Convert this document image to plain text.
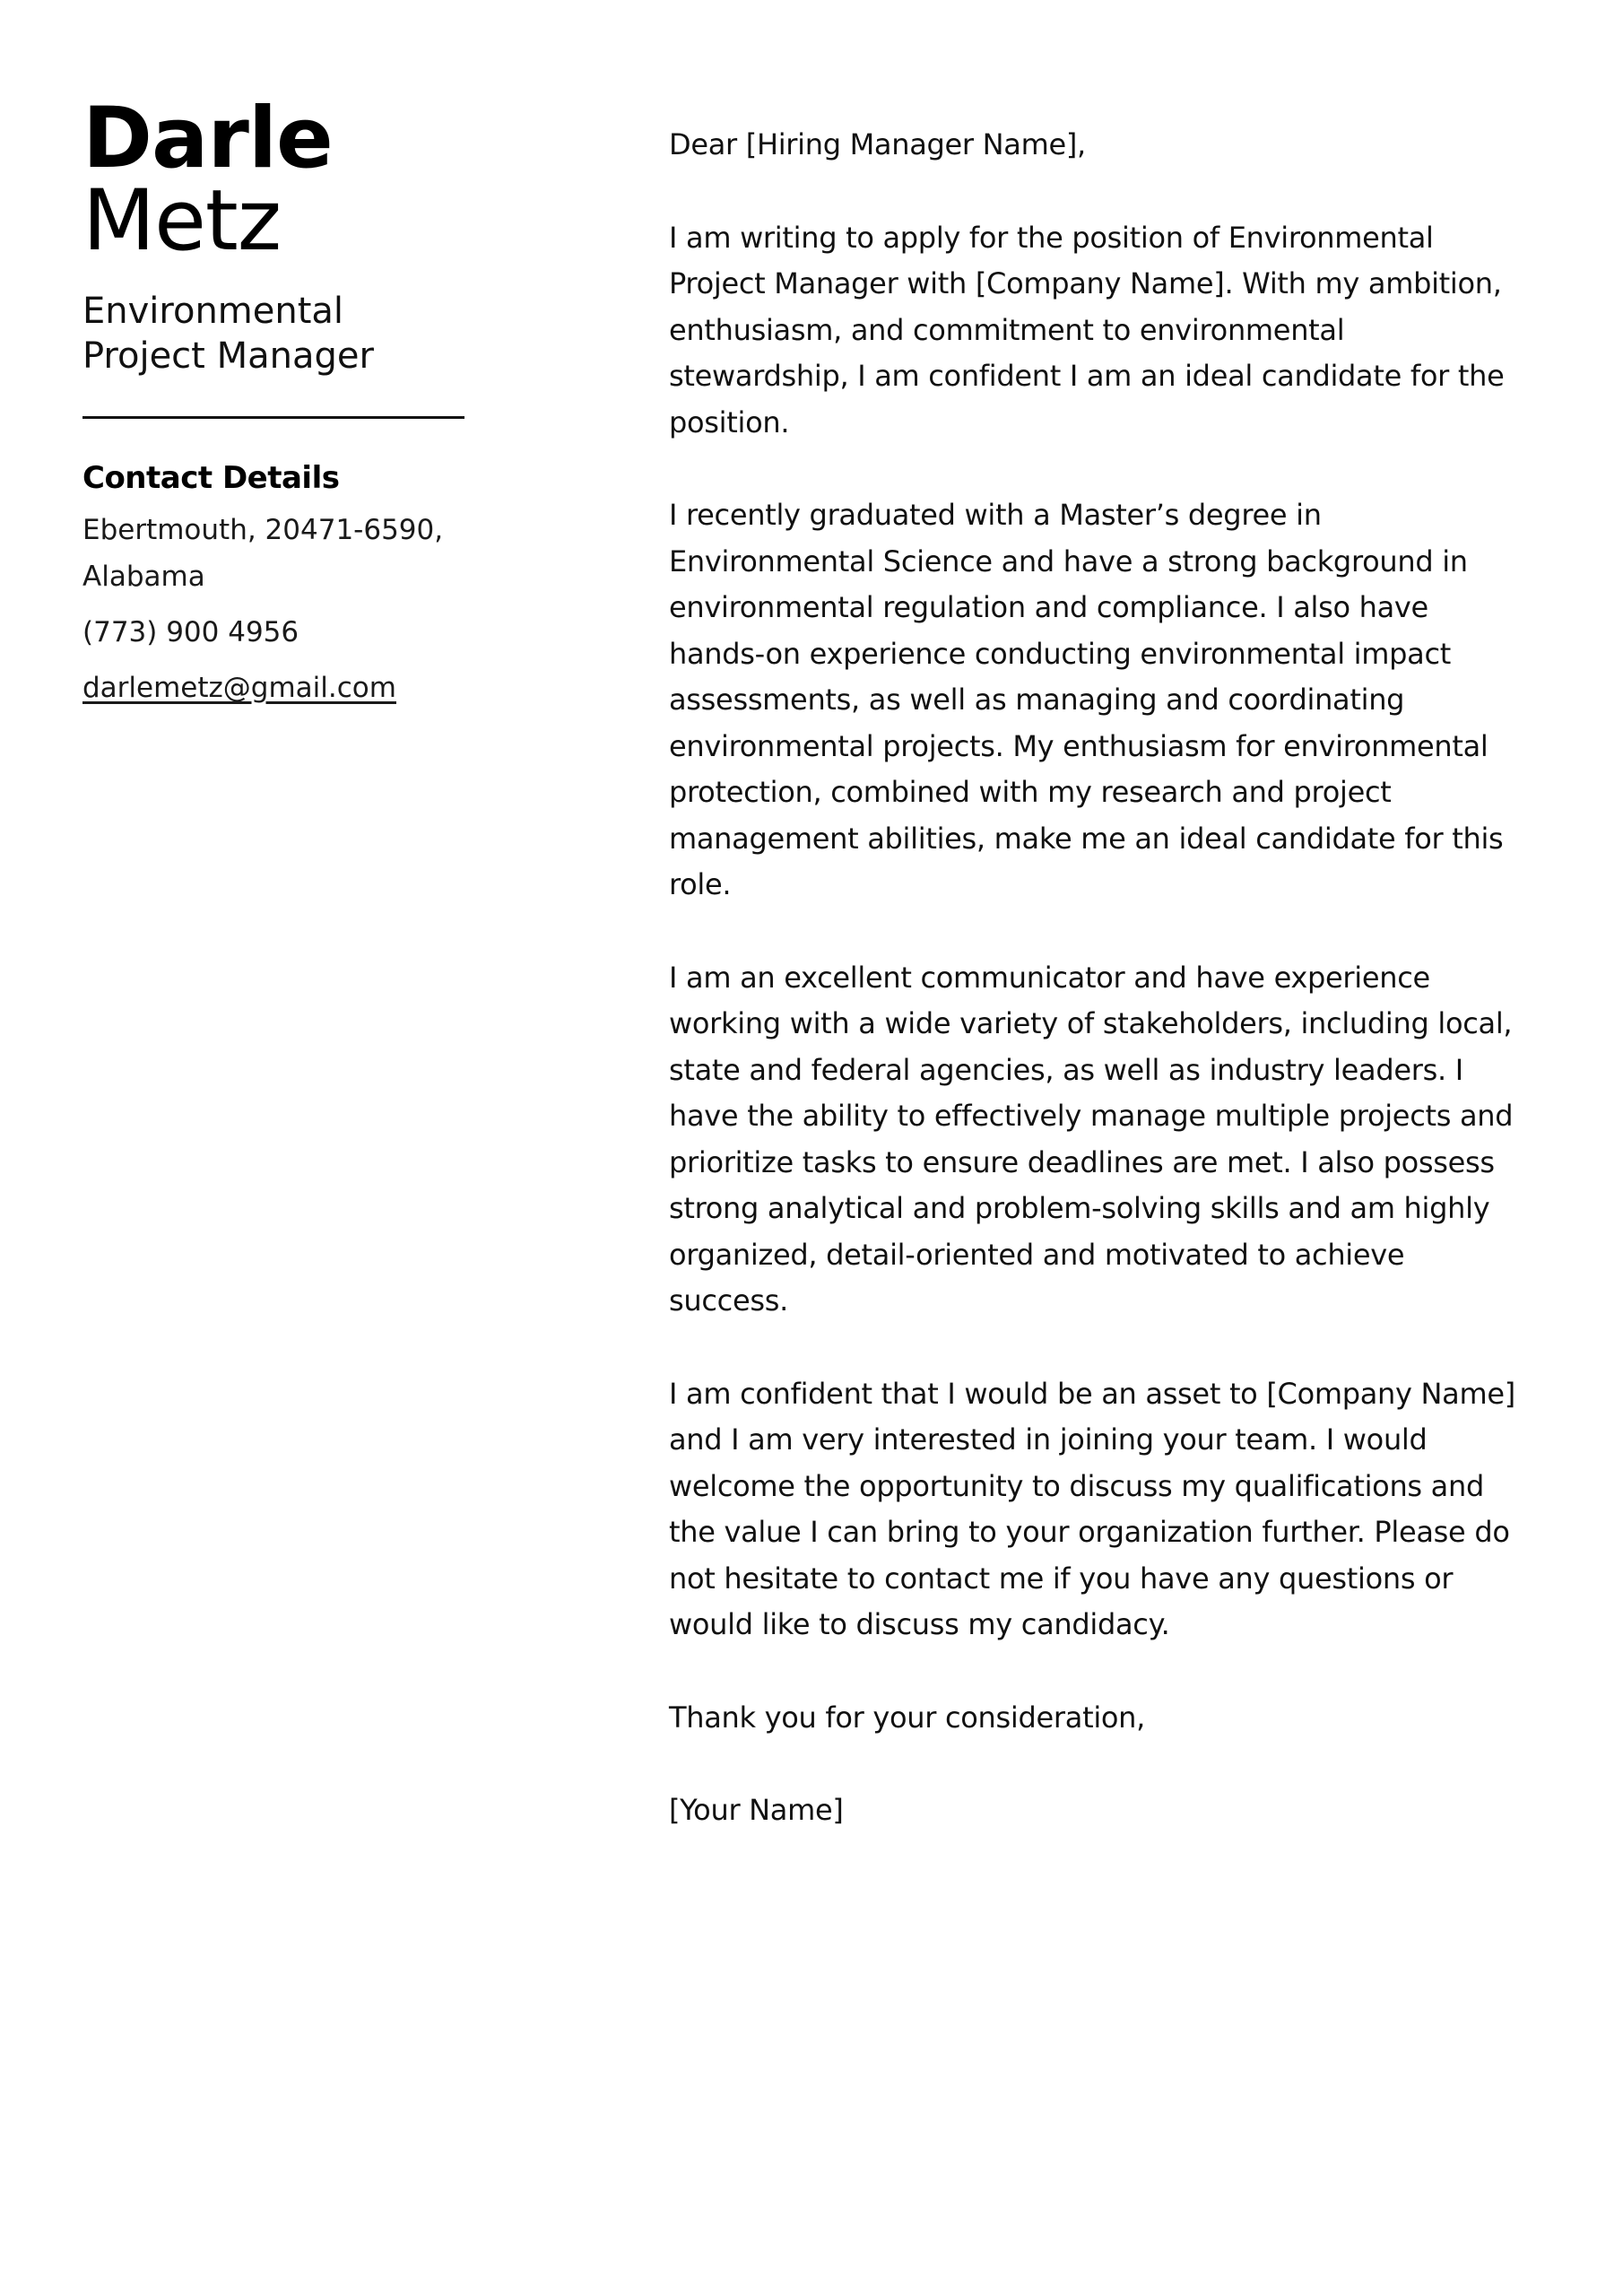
Darle
Metz
Environmental Project Manager
Contact Details
Ebertmouth, 20471-6590, Alabama
(773) 900 4956
darlemetz@gmail.com

Dear [Hiring Manager Name],

I am writing to apply for the position of Environmental Project Manager with [Company Name]. With my ambition, enthusiasm, and commitment to environmental stewardship, I am confident I am an ideal candidate for the position.

I recently graduated with a Master’s degree in Environmental Science and have a strong background in environmental regulation and compliance. I also have hands-on experience conducting environmental impact assessments, as well as managing and coordinating environmental projects. My enthusiasm for environmental protection, combined with my research and project management abilities, make me an ideal candidate for this role.

I am an excellent communicator and have experience working with a wide variety of stakeholders, including local, state and federal agencies, as well as industry leaders. I have the ability to effectively manage multiple projects and prioritize tasks to ensure deadlines are met. I also possess strong analytical and problem-solving skills and am highly organized, detail-oriented and motivated to achieve success.

I am confident that I would be an asset to [Company Name] and I am very interested in joining your team. I would welcome the opportunity to discuss my qualifications and the value I can bring to your organization further. Please do not hesitate to contact me if you have any questions or would like to discuss my candidacy.

Thank you for your consideration,

[Your Name]
